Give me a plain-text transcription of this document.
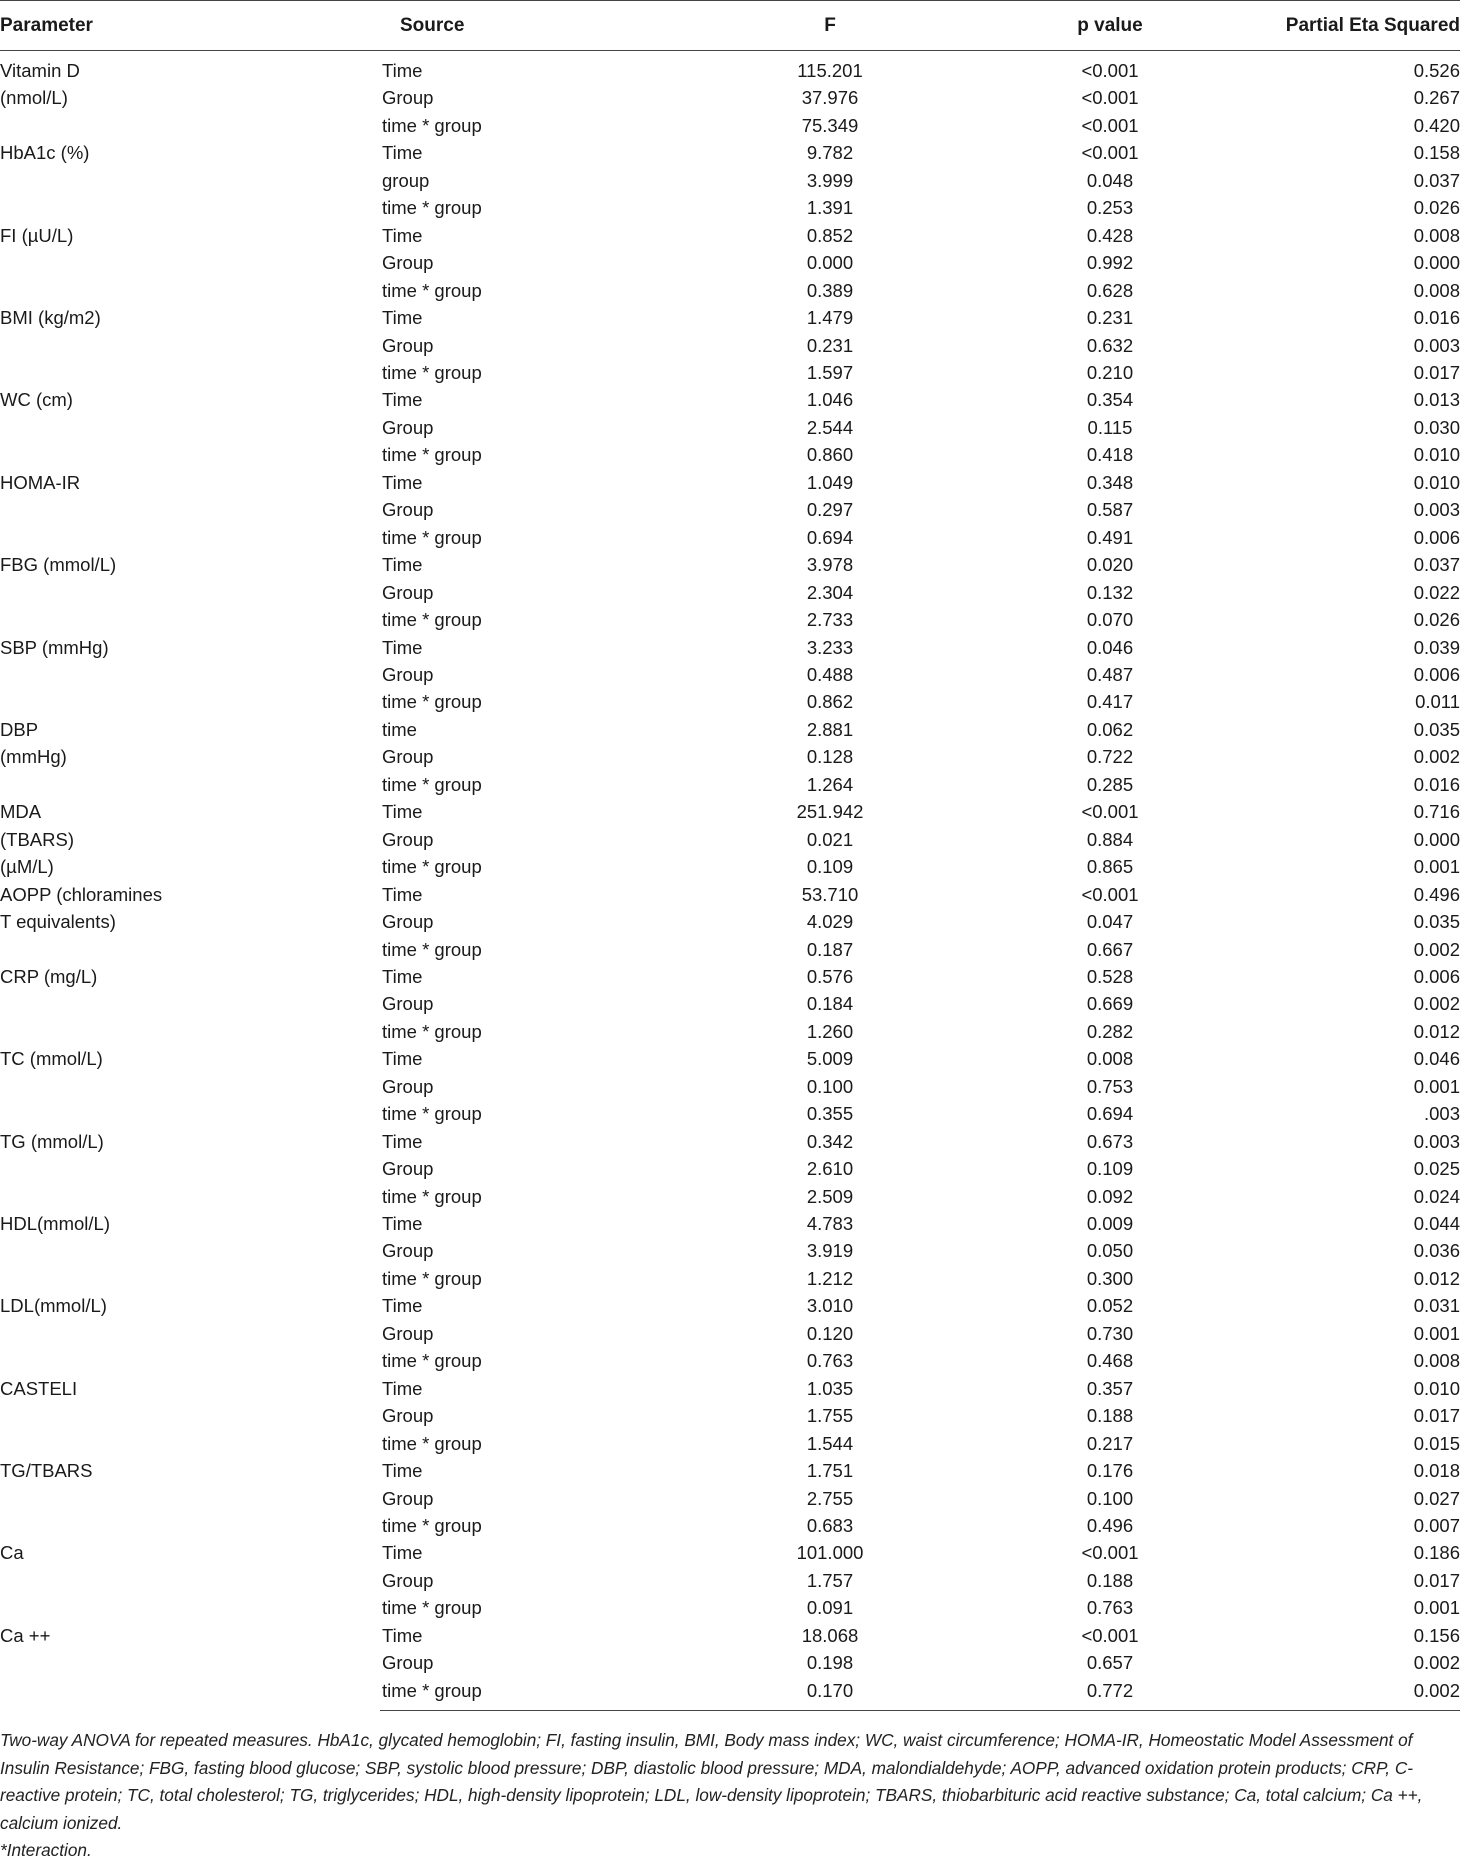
Parameter	Source	F	p value	Partial Eta Squared

Vitamin D
(nmol/L)	Time	115.201	<0.001	0.526
	Group	37.976	<0.001	0.267
	time * group	75.349	<0.001	0.420

HbA1c (%)	Time	9.782	<0.001	0.158
	group	3.999	0.048	0.037
	time * group	1.391	0.253	0.026

FI (µU/L)	Time	0.852	0.428	0.008
	Group	0.000	0.992	0.000
	time * group	0.389	0.628	0.008

BMI (kg/m2)	Time	1.479	0.231	0.016
	Group	0.231	0.632	0.003
	time * group	1.597	0.210	0.017

WC (cm)	Time	1.046	0.354	0.013
	Group	2.544	0.115	0.030
	time * group	0.860	0.418	0.010

HOMA-IR	Time	1.049	0.348	0.010
	Group	0.297	0.587	0.003
	time * group	0.694	0.491	0.006

FBG (mmol/L)	Time	3.978	0.020	0.037
	Group	2.304	0.132	0.022
	time * group	2.733	0.070	0.026

SBP (mmHg)	Time	3.233	0.046	0.039
	Group	0.488	0.487	0.006
	time * group	0.862	0.417	0.011

DBP
(mmHg)	time	2.881	0.062	0.035
	Group	0.128	0.722	0.002
	time * group	1.264	0.285	0.016

MDA
(TBARS)
(µM/L)	Time	251.942	<0.001	0.716
	Group	0.021	0.884	0.000
	time * group	0.109	0.865	0.001

AOPP (chloramines
T equivalents)	Time	53.710	<0.001	0.496
	Group	4.029	0.047	0.035
	time * group	0.187	0.667	0.002

CRP (mg/L)	Time	0.576	0.528	0.006
	Group	0.184	0.669	0.002
	time * group	1.260	0.282	0.012

TC (mmol/L)	Time	5.009	0.008	0.046
	Group	0.100	0.753	0.001
	time * group	0.355	0.694	.003

TG (mmol/L)	Time	0.342	0.673	0.003
	Group	2.610	0.109	0.025
	time * group	2.509	0.092	0.024

HDL(mmol/L)	Time	4.783	0.009	0.044
	Group	3.919	0.050	0.036
	time * group	1.212	0.300	0.012

LDL(mmol/L)	Time	3.010	0.052	0.031
	Group	0.120	0.730	0.001
	time * group	0.763	0.468	0.008

CASTELI	Time	1.035	0.357	0.010
	Group	1.755	0.188	0.017
	time * group	1.544	0.217	0.015

TG/TBARS	Time	1.751	0.176	0.018
	Group	2.755	0.100	0.027
	time * group	0.683	0.496	0.007

Ca	Time	101.000	<0.001	0.186
	Group	1.757	0.188	0.017
	time * group	0.091	0.763	0.001

Ca ++	Time	18.068	<0.001	0.156
	Group	0.198	0.657	0.002
	time * group	0.170	0.772	0.002

Two-way ANOVA for repeated measures. HbA1c, glycated hemoglobin; FI, fasting insulin, BMI, Body mass index; WC, waist circumference; HOMA-IR, Homeostatic Model Assessment of Insulin Resistance; FBG, fasting blood glucose; SBP, systolic blood pressure; DBP, diastolic blood pressure; MDA, malondialdehyde; AOPP, advanced oxidation protein products; CRP, C-reactive protein; TC, total cholesterol; TG, triglycerides; HDL, high-density lipoprotein; LDL, low-density lipoprotein; TBARS, thiobarbituric acid reactive substance; Ca, total calcium; Ca ++, calcium ionized.

*Interaction.
